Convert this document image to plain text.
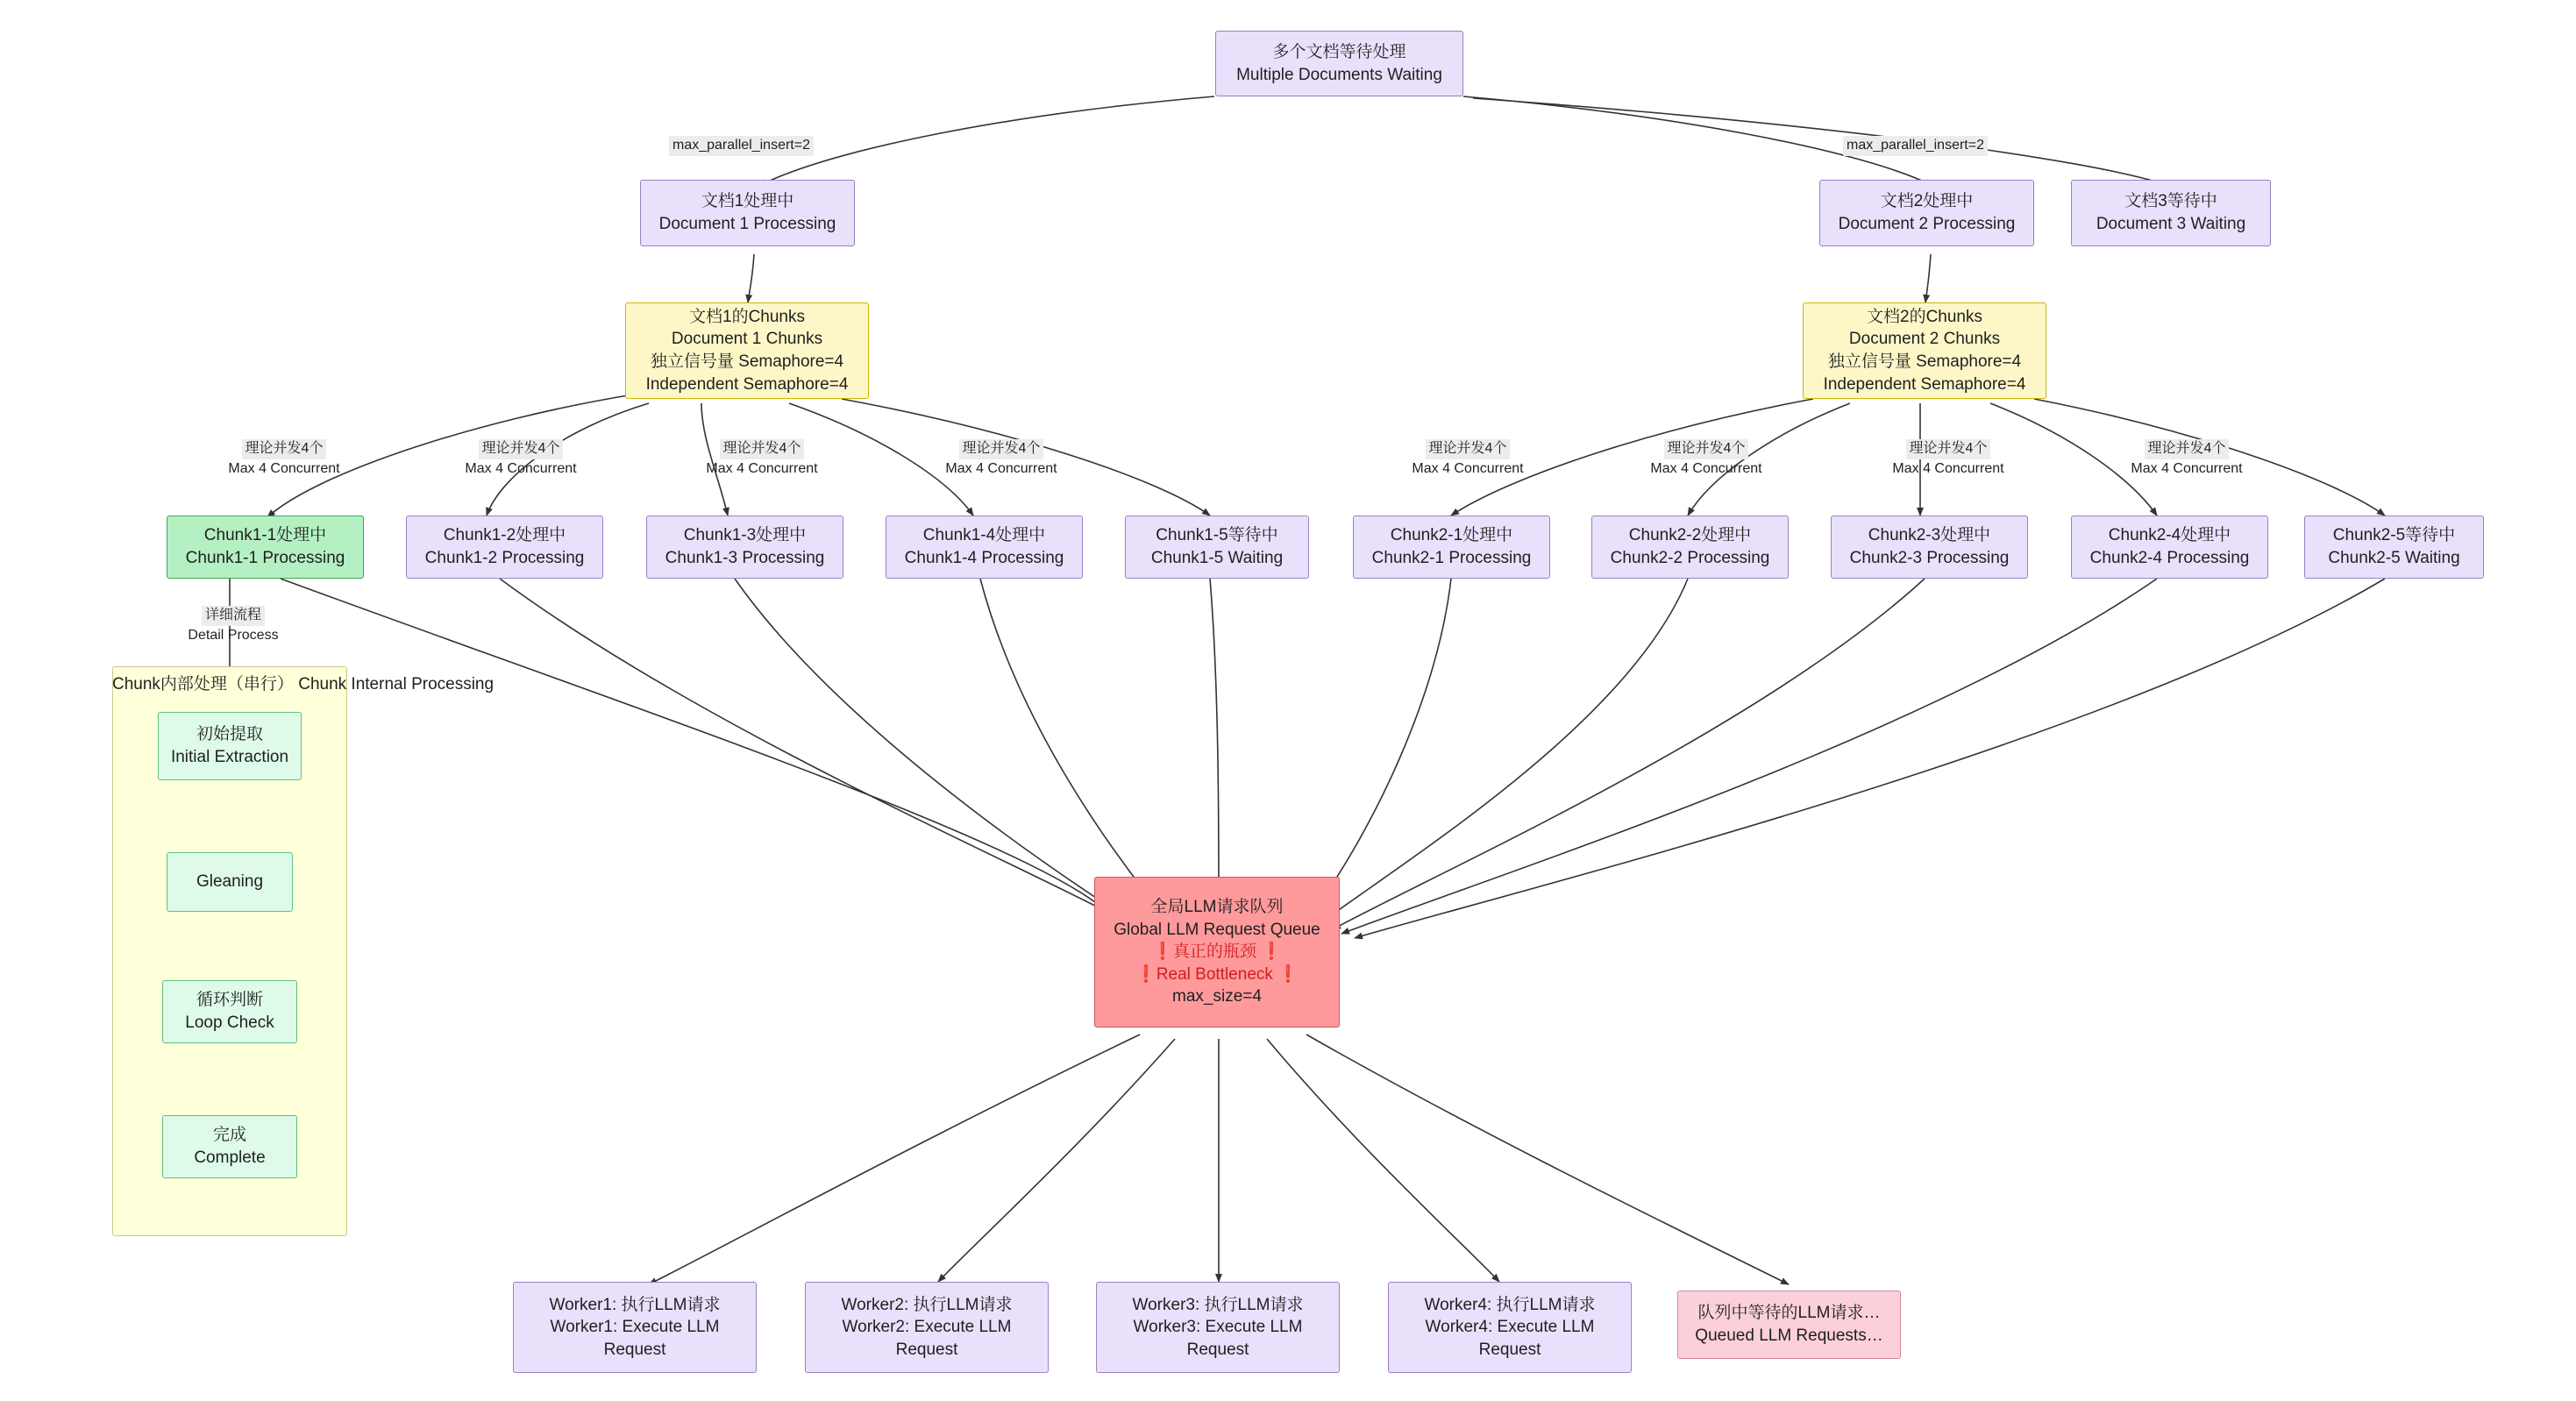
多个文档等待处理
Multiple Documents Waiting
文档1处理中
Document 1 Processing
文档2处理中
Document 2 Processing
文档3等待中
Document 3 Waiting
文档1的Chunks
Document 1 Chunks
独立信号量 Semaphore=4
Independent Semaphore=4
文档2的Chunks
Document 2 Chunks
独立信号量 Semaphore=4
Independent Semaphore=4
Chunk1-1处理中
Chunk1-1 Processing
Chunk1-2处理中
Chunk1-2 Processing
Chunk1-3处理中
Chunk1-3 Processing
Chunk1-4处理中
Chunk1-4 Processing
Chunk1-5等待中
Chunk1-5 Waiting
Chunk2-1处理中
Chunk2-1 Processing
Chunk2-2处理中
Chunk2-2 Processing
Chunk2-3处理中
Chunk2-3 Processing
Chunk2-4处理中
Chunk2-4 Processing
Chunk2-5等待中
Chunk2-5 Waiting
Chunk内部处理（串行） Chunk Internal Processing
初始提取
Initial Extraction
Gleaning
循环判断
Loop Check
完成
Complete
全局LLM请求队列
Global LLM Request Queue
❗真正的瓶颈 ❗
❗Real Bottleneck ❗
max_size=4
Worker1: 执行LLM请求
Worker1: Execute LLM
Request
Worker2: 执行LLM请求
Worker2: Execute LLM
Request
Worker3: 执行LLM请求
Worker3: Execute LLM
Request
Worker4: 执行LLM请求
Worker4: Execute LLM
Request
队列中等待的LLM请求…
Queued LLM Requests…
max_parallel_insert=2	max_parallel_insert=2
理论并发4个
Max 4 Concurrent
理论并发4个
Max 4 Concurrent
理论并发4个
Max 4 Concurrent
理论并发4个
Max 4 Concurrent
理论并发4个
Max 4 Concurrent
理论并发4个
Max 4 Concurrent
理论并发4个
Max 4 Concurrent
理论并发4个
Max 4 Concurrent
详细流程
Detail Process
